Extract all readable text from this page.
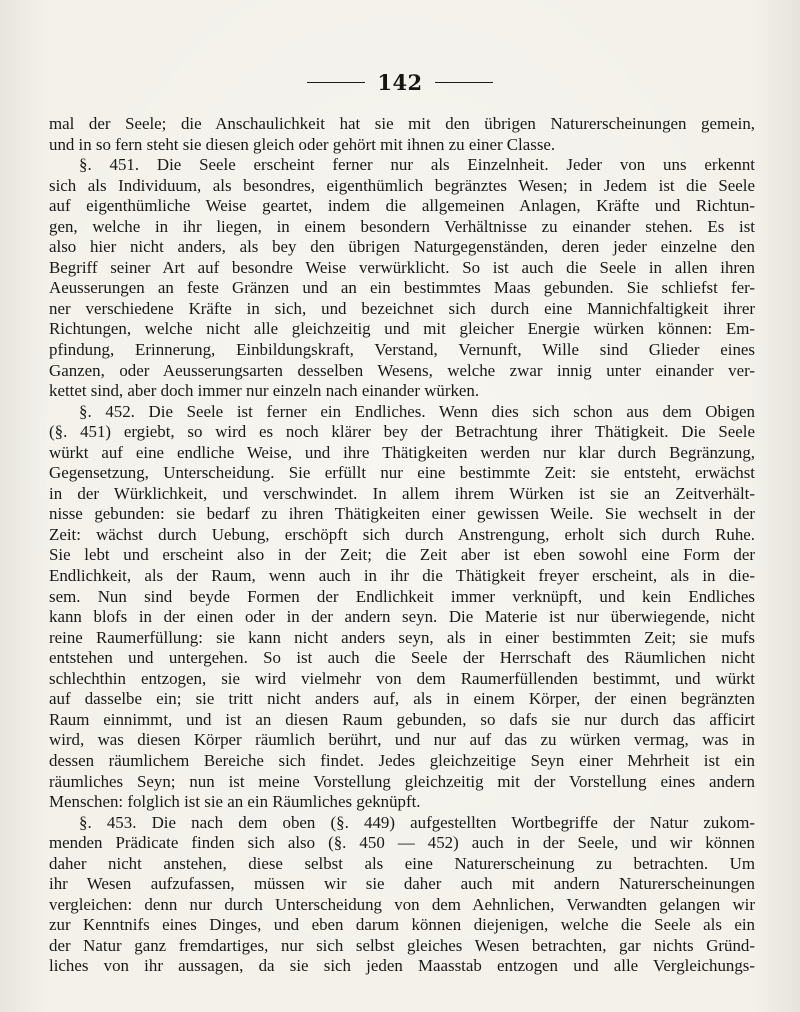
142
mal der Seele; die Anschaulichkeit hat sie mit den übrigen Naturerscheinungen gemein,
und in so fern steht sie diesen gleich oder gehört mit ihnen zu einer Classe.
§. 451. Die Seele erscheint ferner nur als Einzelnheit. Jeder von uns erkennt
sich als Individuum, als besondres, eigenthümlich begränztes Wesen; in Jedem ist die Seele
auf eigenthümliche Weise geartet, indem die allgemeinen Anlagen, Kräfte und Richtun-
gen, welche in ihr liegen, in einem besondern Verhältnisse zu einander stehen. Es ist
also hier nicht anders, als bey den übrigen Naturgegenständen, deren jeder einzelne den
Begriff seiner Art auf besondre Weise verwürklicht. So ist auch die Seele in allen ihren
Aeusserungen an feste Gränzen und an ein bestimmtes Maas gebunden. Sie schliefst fer-
ner verschiedene Kräfte in sich, und bezeichnet sich durch eine Mannichfaltigkeit ihrer
Richtungen, welche nicht alle gleichzeitig und mit gleicher Energie würken können: Em-
pfindung, Erinnerung, Einbildungskraft, Verstand, Vernunft, Wille sind Glieder eines
Ganzen, oder Aeusserungsarten desselben Wesens, welche zwar innig unter einander ver-
kettet sind, aber doch immer nur einzeln nach einander würken.
§. 452. Die Seele ist ferner ein Endliches. Wenn dies sich schon aus dem Obigen
(§. 451) ergiebt, so wird es noch klärer bey der Betrachtung ihrer Thätigkeit. Die Seele
würkt auf eine endliche Weise, und ihre Thätigkeiten werden nur klar durch Begränzung,
Gegensetzung, Unterscheidung. Sie erfüllt nur eine bestimmte Zeit: sie entsteht, erwächst
in der Würklichkeit, und verschwindet. In allem ihrem Würken ist sie an Zeitverhält-
nisse gebunden: sie bedarf zu ihren Thätigkeiten einer gewissen Weile. Sie wechselt in der
Zeit: wächst durch Uebung, erschöpft sich durch Anstrengung, erholt sich durch Ruhe.
Sie lebt und erscheint also in der Zeit; die Zeit aber ist eben sowohl eine Form der
Endlichkeit, als der Raum, wenn auch in ihr die Thätigkeit freyer erscheint, als in die-
sem. Nun sind beyde Formen der Endlichkeit immer verknüpft, und kein Endliches
kann blofs in der einen oder in der andern seyn. Die Materie ist nur überwiegende, nicht
reine Raumerfüllung: sie kann nicht anders seyn, als in einer bestimmten Zeit; sie mufs
entstehen und untergehen. So ist auch die Seele der Herrschaft des Räumlichen nicht
schlechthin entzogen, sie wird vielmehr von dem Raumerfüllenden bestimmt, und würkt
auf dasselbe ein; sie tritt nicht anders auf, als in einem Körper, der einen begränzten
Raum einnimmt, und ist an diesen Raum gebunden, so dafs sie nur durch das afficirt
wird, was diesen Körper räumlich berührt, und nur auf das zu würken vermag, was in
dessen räumlichem Bereiche sich findet. Jedes gleichzeitige Seyn einer Mehrheit ist ein
räumliches Seyn; nun ist meine Vorstellung gleichzeitig mit der Vorstellung eines andern
Menschen: folglich ist sie an ein Räumliches geknüpft.
§. 453. Die nach dem oben (§. 449) aufgestellten Wortbegriffe der Natur zukom-
menden Prädicate finden sich also (§. 450 — 452) auch in der Seele, und wir können
daher nicht anstehen, diese selbst als eine Naturerscheinung zu betrachten. Um
ihr Wesen aufzufassen, müssen wir sie daher auch mit andern Naturerscheinungen
vergleichen: denn nur durch Unterscheidung von dem Aehnlichen, Verwandten gelangen wir
zur Kenntnifs eines Dinges, und eben darum können diejenigen, welche die Seele als ein
der Natur ganz fremdartiges, nur sich selbst gleiches Wesen betrachten, gar nichts Gründ-
liches von ihr aussagen, da sie sich jeden Maasstab entzogen und alle Vergleichungs-
